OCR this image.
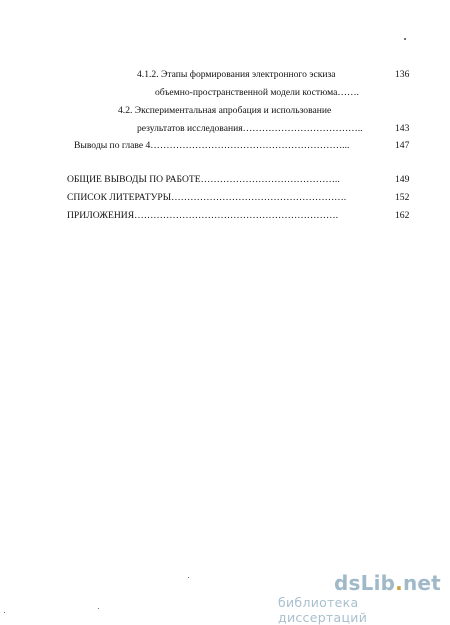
4.1.2. Этапы формирования электронного эскиза	136
объемно-пространственной модели костюма…….
4.2. Экспериментальная апробация и использование
результатов исследования………………………………..	143
Выводы по главе 4……………………………………………………...	147
ОБЩИЕ ВЫВОДЫ ПО РАБОТЕ……………………………………..	149
СПИСОК ЛИТЕРАТУРЫ……………………………………………….	152
ПРИЛОЖЕНИЯ……………………………………………………….	162
dsLib.net
библиотека диссертаций
